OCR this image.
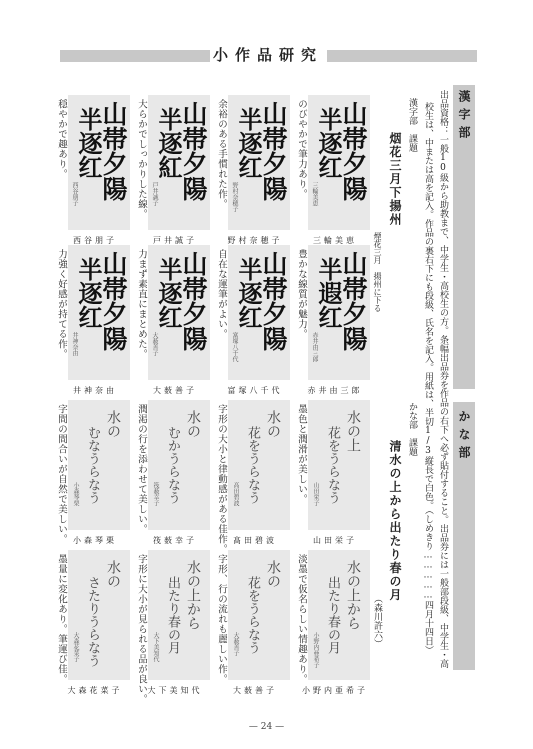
小作品研究
山帯夕陽
半逐红
三輪美恵
のびやかで筆力あり。
三輪美恵
山帯夕陽
半逐红
野村奈穂子
余裕のある手慣れた作。
野村奈穂子
山帯夕陽
半逐紅
戸井誠子
大らかでしっかりした線。
戸井誠子
山帯夕陽
半逐红
西谷朋子
穏やかで趣あり。
西谷朋子
山帯夕陽
半遐红
赤井由三郎
豊かな線質が魅力。
赤井由三郎
山帯夕陽
半逐红
富塚八千代
自在な運筆がよい。
富塚八千代
山帯夕陽
半逐红
大薮善子
力まず素直にまとめた。
大薮善子
山帯夕陽
半逐红
井神奈由
力強く好感が持てる作。
井神奈由
水の上
花をうらなう
山田栄子
墨色と潤滑が美しい。
山田栄子
水の
花をうらなう
髙田碧波
字形の大小と律動感がある佳作。 髙田碧波
水の
むかうらなう
筏薮幸子
潤渇の行を添わせて美しい。
筏薮幸子
水の
むなうらなう
小森琴栗
字間の間合いが自然で美しい。 小森琴栗
水の上から
出たり春の月
小野内亜希子
淡墨で仮名らしい情趣あり。
小野内亜希子
水の
花をうらなう
大薮善子
字形、行の流れも麗しい作。
大薮善子
水の上から
出たり春の月
大下美知代
字形に大小が見られる品が良い。 大下美知代
水の
さたりうらなう
大森花菜子
墨量に変化あり。筆運び佳。
大森花菜子
漢字部
出品資格：一般10級から助教まで、中学生・高校生の方。条幅出品券を作品の右下へ必ず貼付すること。出品券には一般部段級、中学生・高
校生は、中または高を記入。作品の裏右下にも段級、氏名を記入。用紙は、半切1/3縦長で白色。（しめきり……………四月十四日）
漢字部　課題
烟花三月下揚州
煙花三月　揚州に下る
かな部
かな部　課題
清水の上から出たり春の月
（森川許六）
— 24 —
